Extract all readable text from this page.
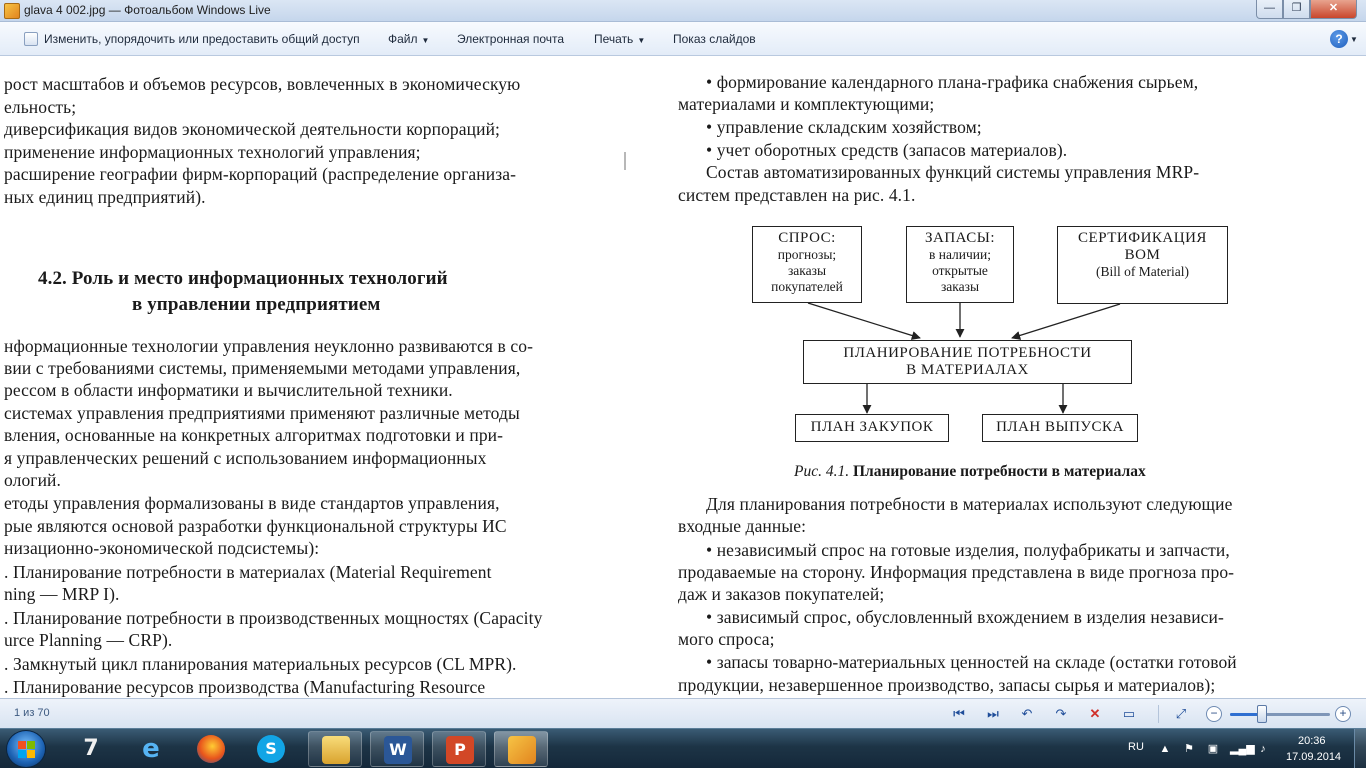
glava 4 002.jpg — Фотоальбом Windows Live	—	❐	✕
Изменить, упорядочить или предоставить общий доступ Файл ▼ Электронная почта Печать ▼ Показ слайдов	? ▼

рост масштабов и объемов ресурсов, вовлеченных в экономическую

ельность;

диверсификация видов экономической деятельности корпораций;

применение информационных технологий управления;

расширение географии фирм-корпораций (распределение организа-

ных единиц предприятий).

4.2. Роль и место информационных технологий

в управлении предприятием

нформационные технологии управления неуклонно развиваются в со-

вии с требованиями системы, применяемыми методами управления,

рессом в области информатики и вычислительной техники.

системах управления предприятиями применяют различные методы

вления, основанные на конкретных алгоритмах подготовки и при-

я управленческих решений с использованием информационных

ологий.

етоды управления формализованы в виде стандартов управления,

рые являются основой разработки функциональной структуры ИС

низационно-экономической подсистемы):

. Планирование потребности в материалах (Material Requirement

ning — MRP I).

. Планирование потребности в производственных мощностях (Capacity

urce Planning — CRP).

. Замкнутый цикл планирования материальных ресурсов (CL MPR).

. Планирование ресурсов производства (Manufacturing Resource

• формирование календарного плана-графика снабжения сырьем,

материалами и комплектующими;

• управление складским хозяйством;

• учет оборотных средств (запасов материалов).

Состав автоматизированных функций системы управления MRP-

систем представлен на рис. 4.1.

Для планирования потребности в материалах используют следующие

входные данные:

• независимый спрос на готовые изделия, полуфабрикаты и запчасти,

продаваемые на сторону. Информация представлена в виде прогноза про-

даж и заказов покупателей;

• зависимый спрос, обусловленный вхождением в изделия независи-

мого спроса;

• запасы товарно-материальных ценностей на складе (остатки готовой

продукции, незавершенное производство, запасы сырья и материалов);

СПРОС:
прогнозы;
заказы
покупателей
ЗАПАСЫ:
в наличии;
открытые
заказы
СЕРТИФИКАЦИЯ
BOM
(Bill of Material)
ПЛАНИРОВАНИЕ ПОТРЕБНОСТИ
В МАТЕРИАЛАХ
ПЛАН ЗАКУПОК	ПЛАН ВЫПУСКА
Рис. 4.1. Планирование потребности в материалах
1 из 70	⏮ ⏭ ↶ ↷ ✕ ▭	⤢	−	+
7 e	S	W	P	RU ▲ ⚑ ▣ ▂▄▆ ♪
20:36
17.09.2014
